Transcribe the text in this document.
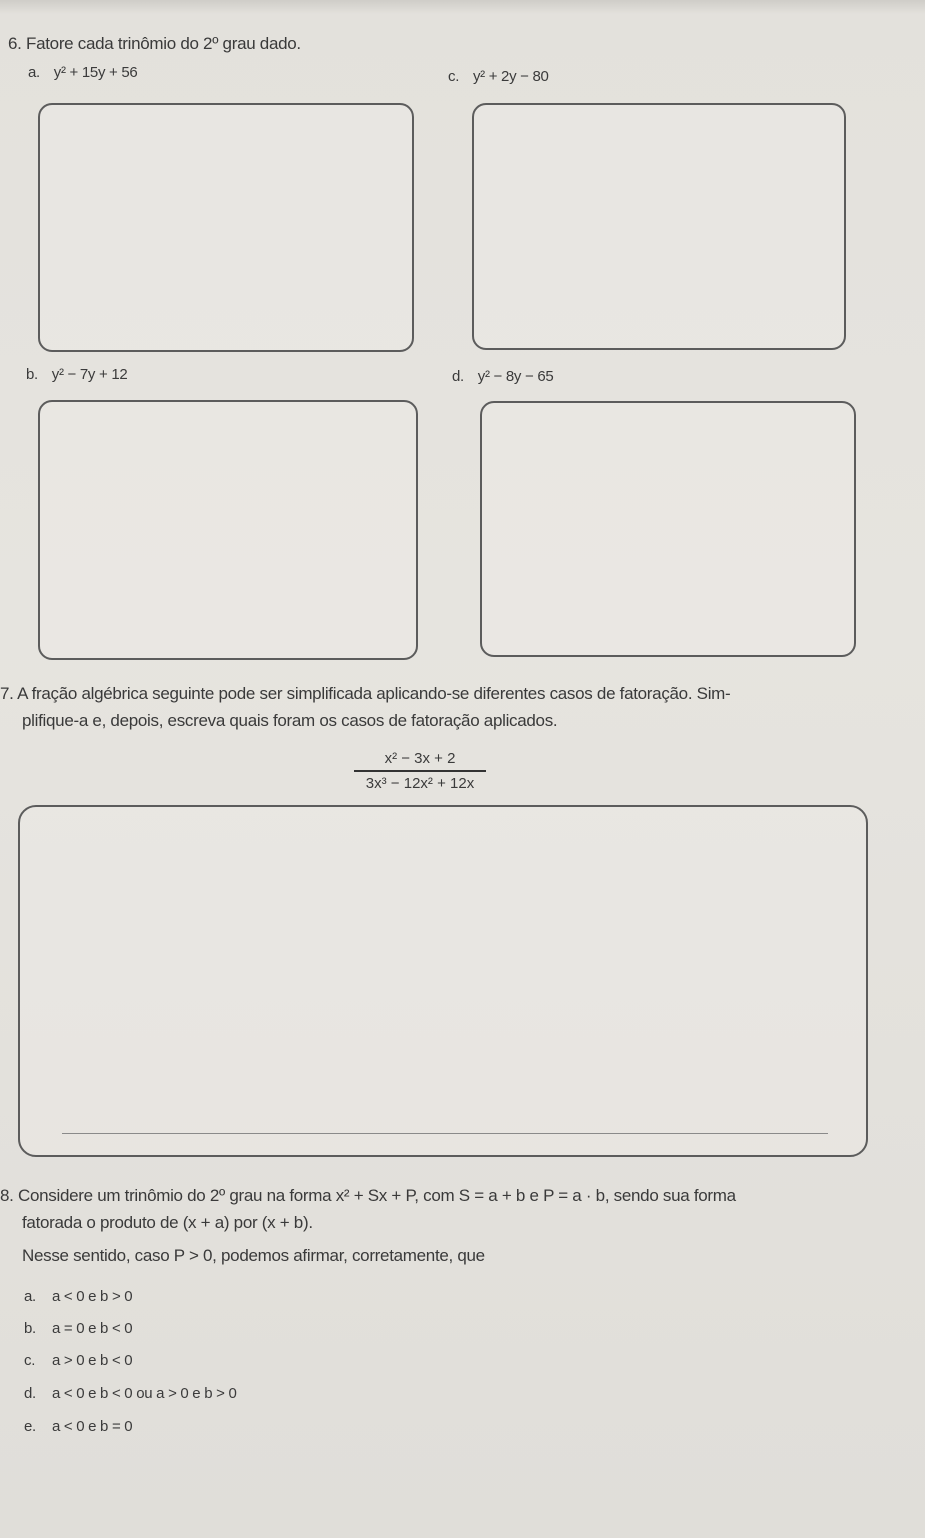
6. Fatore cada trinômio do 2º grau dado.
a. y² + 15y + 56	c. y² + 2y − 80
b. y² − 7y + 12	d. y² − 8y − 65
7. A fração algébrica seguinte pode ser simplificada aplicando-se diferentes casos de fatoração. Sim-
plifique-a e, depois, escreva quais foram os casos de fatoração aplicados.
x² − 3x + 2
3x³ − 12x² + 12x
8. Considere um trinômio do 2º grau na forma x² + Sx + P, com S = a + b e P = a · b, sendo sua forma
fatorada o produto de (x + a) por (x + b).
Nesse sentido, caso P > 0, podemos afirmar, corretamente, que
a. a < 0 e b > 0
b. a = 0 e b < 0
c. a > 0 e b < 0
d. a < 0 e b < 0 ou a > 0 e b > 0
e. a < 0 e b = 0
